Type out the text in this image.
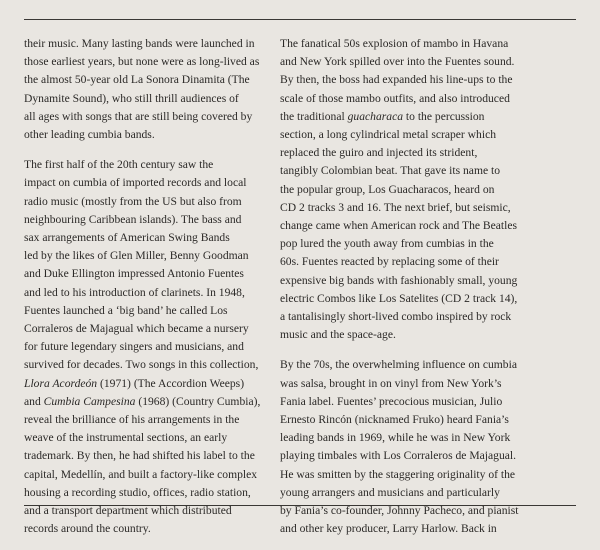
their music. Many lasting bands were launched in
those earliest years, but none were as long-lived as
the almost 50-year old La Sonora Dinamita (The
Dynamite Sound), who still thrill audiences of
all ages with songs that are still being covered by
other leading cumbia bands.

The first half of the 20th century saw the
impact on cumbia of imported records and local
radio music (mostly from the US but also from
neighbouring Caribbean islands). The bass and
sax arrangements of American Swing Bands
led by the likes of Glen Miller, Benny Goodman
and Duke Ellington impressed Antonio Fuentes
and led to his introduction of clarinets. In 1948,
Fuentes launched a ‘big band’ he called Los
Corraleros de Majagual which became a nursery
for future legendary singers and musicians, and
survived for decades. Two songs in this collection,
Llora Acordeón (1971) (The Accordion Weeps)
and Cumbia Campesina (1968) (Country Cumbia),
reveal the brilliance of his arrangements in the
weave of the instrumental sections, an early
trademark. By then, he had shifted his label to the
capital, Medellín, and built a factory-like complex
housing a recording studio, offices, radio station,
and a transport department which distributed
records around the country.

The fanatical 50s explosion of mambo in Havana
and New York spilled over into the Fuentes sound.
By then, the boss had expanded his line-ups to the
scale of those mambo outfits, and also introduced
the traditional guacharaca to the percussion
section, a long cylindrical metal scraper which
replaced the guiro and injected its strident,
tangibly Colombian beat. That gave its name to
the popular group, Los Guacharacos, heard on
CD 2 tracks 3 and 16. The next brief, but seismic,
change came when American rock and The Beatles
pop lured the youth away from cumbias in the
60s. Fuentes reacted by replacing some of their
expensive big bands with fashionably small, young
electric Combos like Los Satelites (CD 2 track 14),
a tantalisingly short-lived combo inspired by rock
music and the space-age.

By the 70s, the overwhelming influence on cumbia
was salsa, brought in on vinyl from New York’s
Fania label. Fuentes’ precocious musician, Julio
Ernesto Rincón (nicknamed Fruko) heard Fania’s
leading bands in 1969, while he was in New York
playing timbales with Los Corraleros de Majagual.
He was smitten by the staggering originality of the
young arrangers and musicians and particularly
by Fania’s co-founder, Johnny Pacheco, and pianist
and other key producer, Larry Harlow. Back in
